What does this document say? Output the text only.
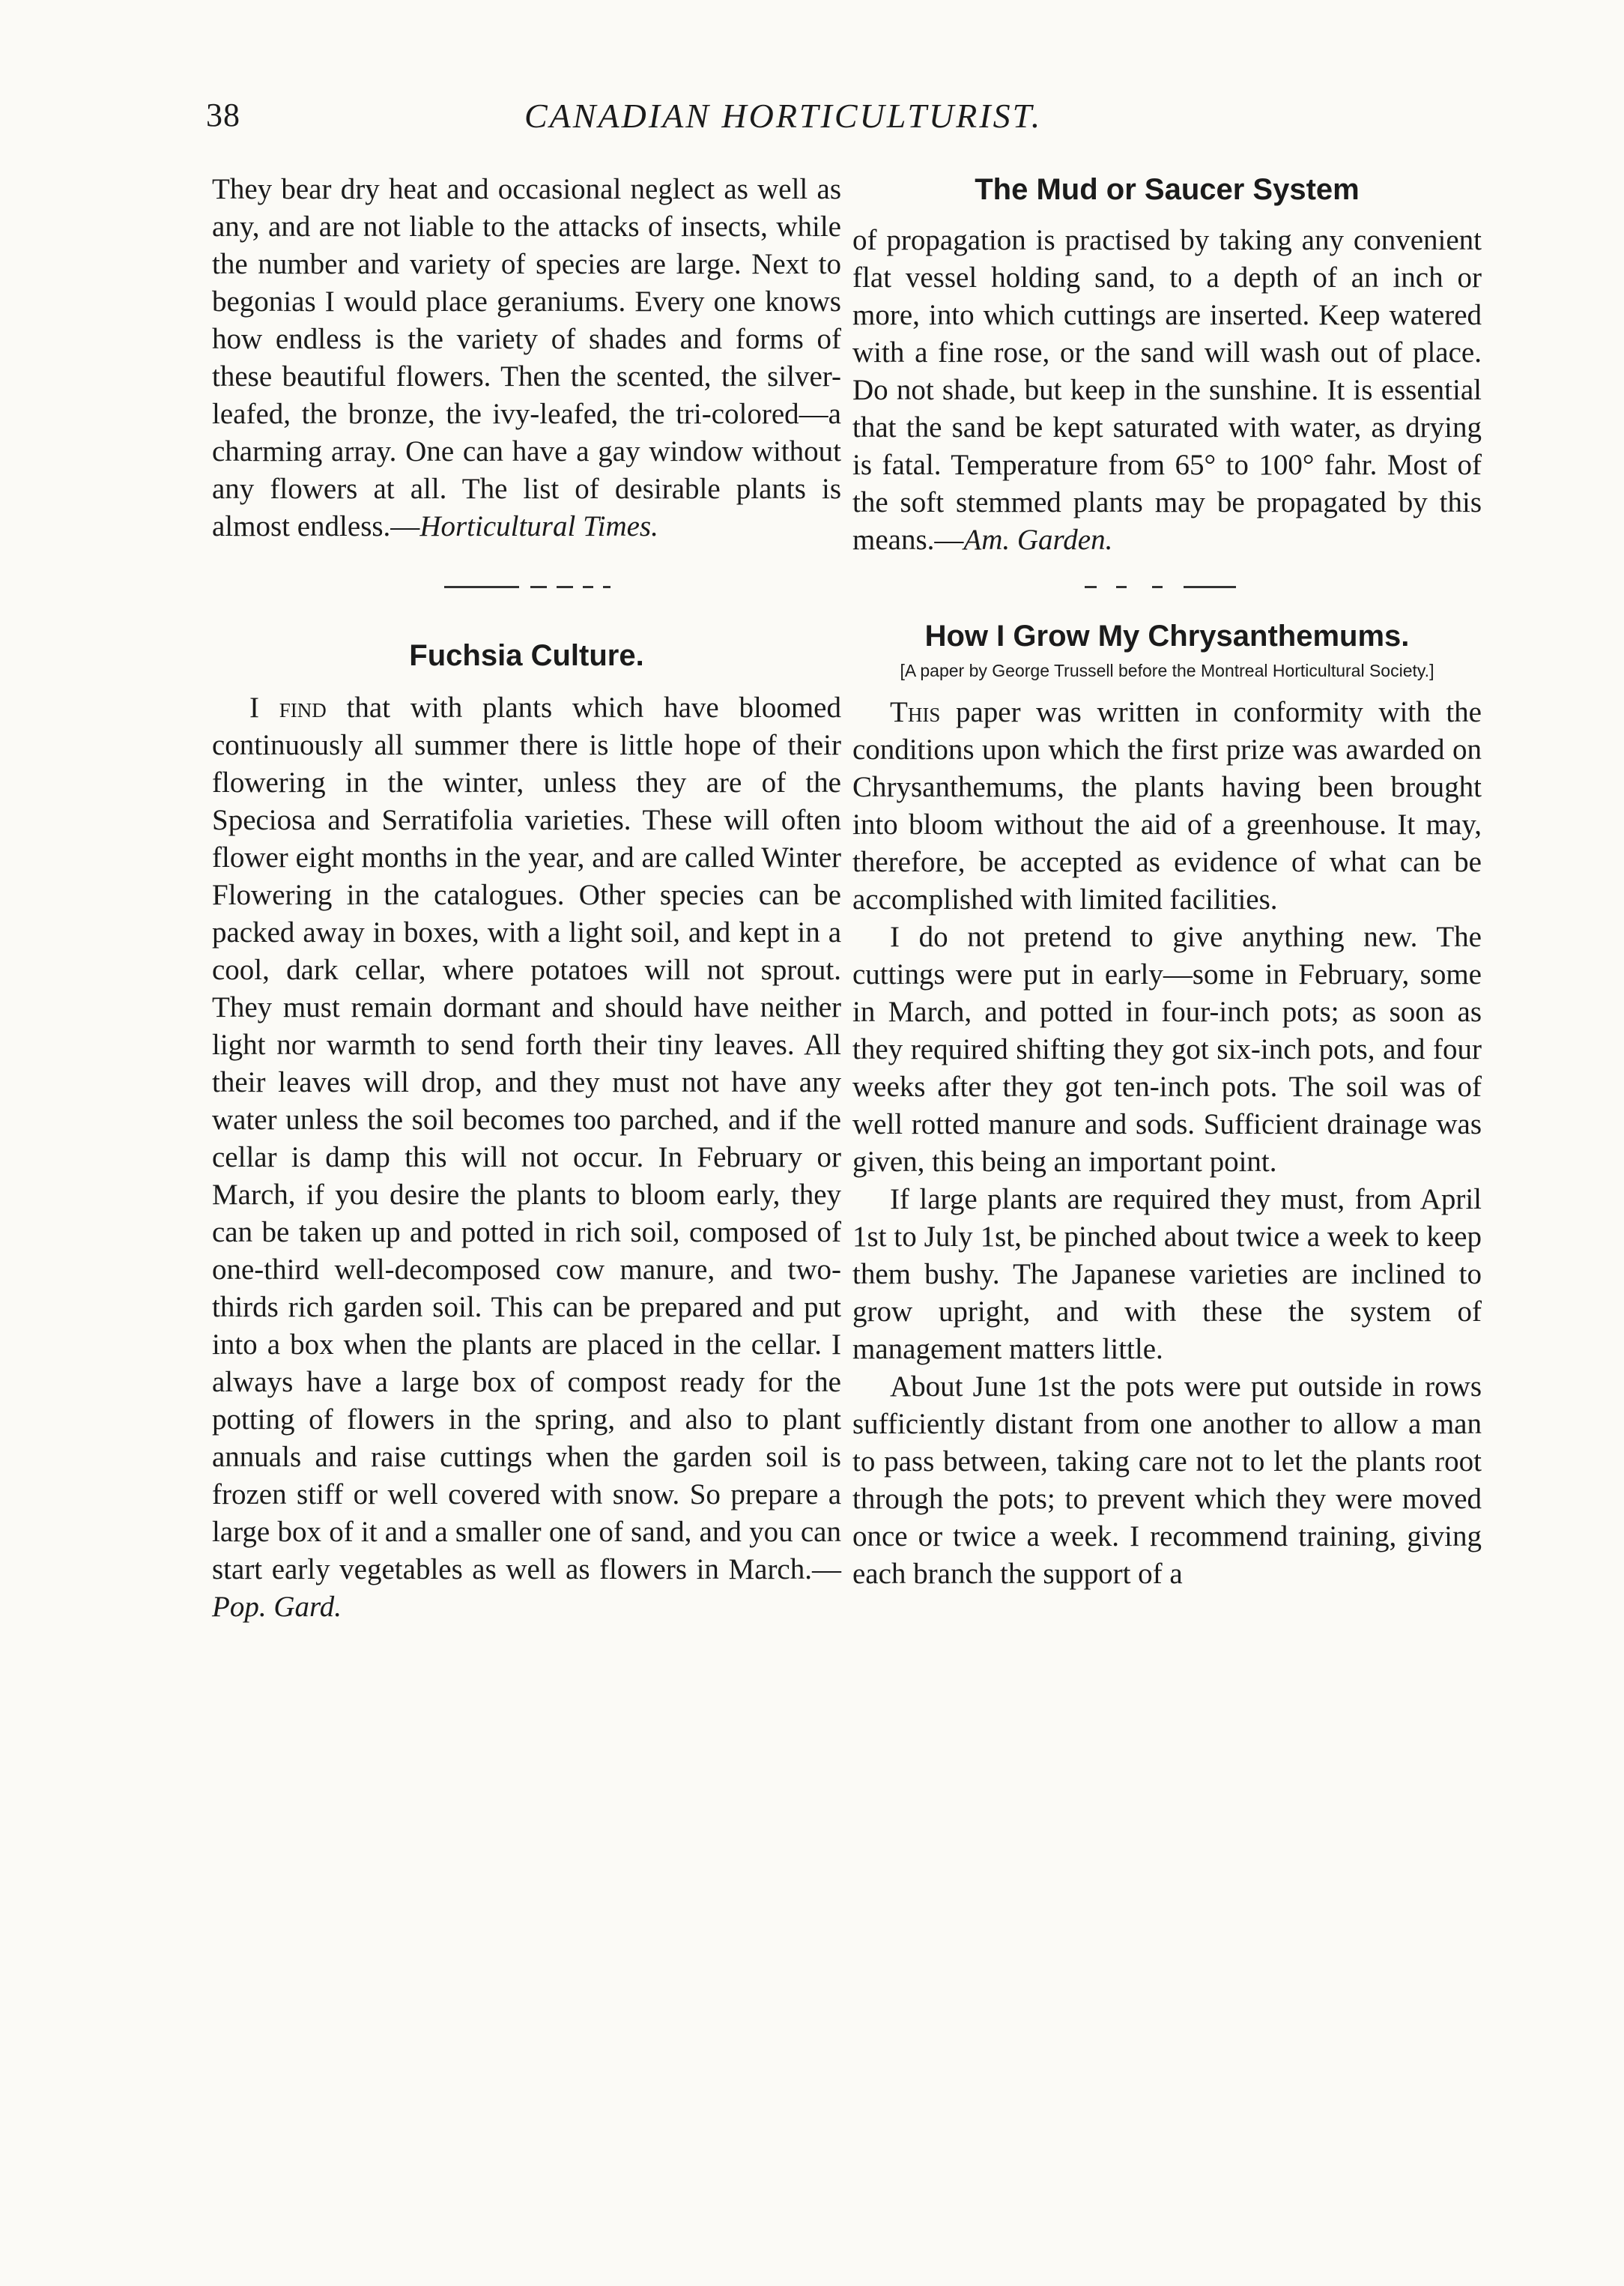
38	CANADIAN HORTICULTURIST.

They bear dry heat and occasional neglect as well as any, and are not liable to the attacks of insects, while the number and variety of species are large. Next to begonias I would place geraniums. Every one knows how endless is the variety of shades and forms of these beautiful flowers. Then the scented, the silver-leafed, the bronze, the ivy-leafed, the tri-colored—a charming array. One can have a gay window without any flowers at all. The list of desirable plants is almost endless.—Horticultural Times.

Fuchsia Culture.

I find that with plants which have bloomed continuously all summer there is little hope of their flowering in the winter, unless they are of the Speciosa and Serratifolia varieties. These will often flower eight months in the year, and are called Winter Flowering in the catalogues. Other species can be packed away in boxes, with a light soil, and kept in a cool, dark cellar, where potatoes will not sprout. They must remain dormant and should have neither light nor warmth to send forth their tiny leaves. All their leaves will drop, and they must not have any water unless the soil becomes too parched, and if the cellar is damp this will not occur. In February or March, if you desire the plants to bloom early, they can be taken up and potted in rich soil, composed of one-third well-decomposed cow manure, and two-thirds rich garden soil. This can be prepared and put into a box when the plants are placed in the cellar. I always have a large box of compost ready for the potting of flowers in the spring, and also to plant annuals and raise cuttings when the garden soil is frozen stiff or well covered with snow. So prepare a large box of it and a smaller one of sand, and you can start early vegetables as well as flowers in March.—Pop. Gard.

The Mud or Saucer System

of propagation is practised by taking any convenient flat vessel holding sand, to a depth of an inch or more, into which cuttings are inserted. Keep watered with a fine rose, or the sand will wash out of place. Do not shade, but keep in the sunshine. It is essential that the sand be kept saturated with water, as drying is fatal. Temperature from 65° to 100° fahr. Most of the soft stemmed plants may be propagated by this means.—Am. Garden.

How I Grow My Chrysanthemums.
[A paper by George Trussell before the Montreal Horticultural Society.]

This paper was written in conformity with the conditions upon which the first prize was awarded on Chrysanthemums, the plants having been brought into bloom without the aid of a greenhouse. It may, therefore, be accepted as evidence of what can be accomplished with limited facilities.

I do not pretend to give anything new. The cuttings were put in early—some in February, some in March, and potted in four-inch pots; as soon as they required shifting they got six-inch pots, and four weeks after they got ten-inch pots. The soil was of well rotted manure and sods. Sufficient drainage was given, this being an important point.

If large plants are required they must, from April 1st to July 1st, be pinched about twice a week to keep them bushy. The Japanese varieties are inclined to grow upright, and with these the system of management matters little.

About June 1st the pots were put outside in rows sufficiently distant from one another to allow a man to pass between, taking care not to let the plants root through the pots; to prevent which they were moved once or twice a week. I recommend training, giving each branch the support of a
